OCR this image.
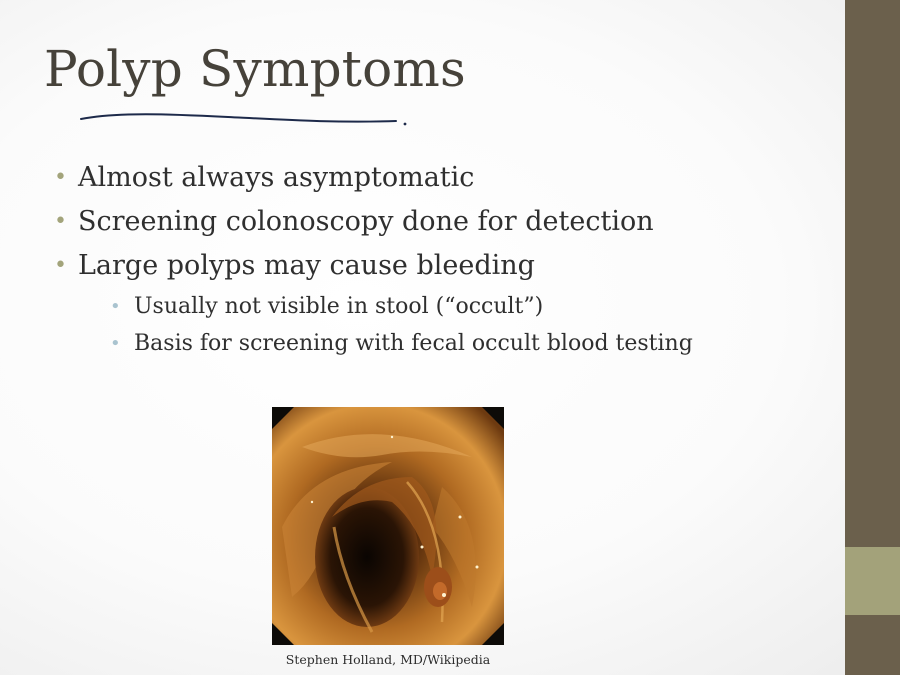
Polyp Symptoms
• Almost always asymptomatic
• Screening colonoscopy done for detection
• Large polyps may cause bleeding
• Usually not visible in stool (“occult”)
• Basis for screening with fecal occult blood testing
Stephen Holland, MD/Wikipedia
